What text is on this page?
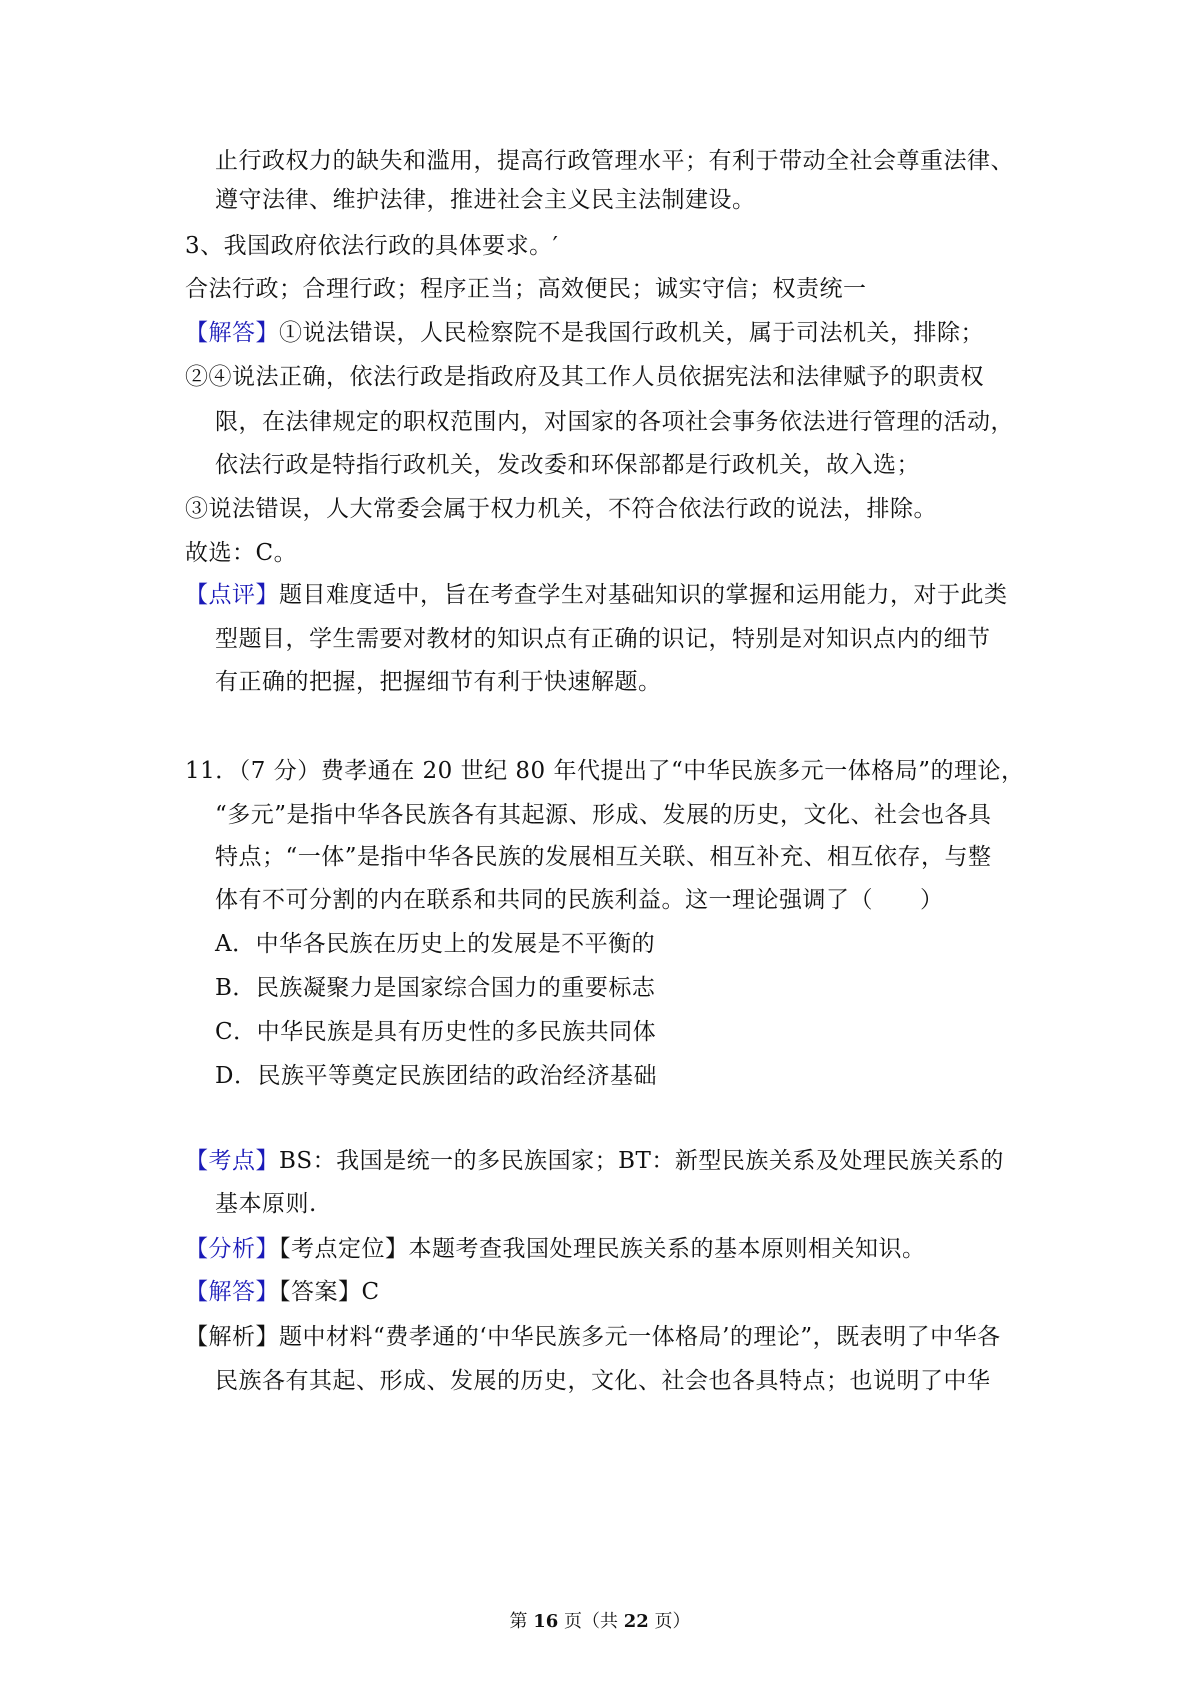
止行政权力的缺失和滥用，提高行政管理水平；有利于带动全社会尊重法律、
遵守法律、维护法律，推进社会主义民主法制建设。
3、我国政府依法行政的具体要求。′
合法行政；合理行政；程序正当；高效便民；诚实守信；权责统一
【解答】①说法错误，人民检察院不是我国行政机关，属于司法机关，排除；
②④说法正确，依法行政是指政府及其工作人员依据宪法和法律赋予的职责权
限，在法律规定的职权范围内，对国家的各项社会事务依法进行管理的活动，
依法行政是特指行政机关，发改委和环保部都是行政机关，故入选；
③说法错误，人大常委会属于权力机关，不符合依法行政的说法，排除。
故选：C。
【点评】题目难度适中，旨在考查学生对基础知识的掌握和运用能力，对于此类
型题目，学生需要对教材的知识点有正确的识记，特别是对知识点内的细节
有正确的把握，把握细节有利于快速解题。
11．（7 分）费孝通在 20 世纪 80 年代提出了“中华民族多元一体格局”的理论，
“多元”是指中华各民族各有其起源、形成、发展的历史，文化、社会也各具
特点；“一体”是指中华各民族的发展相互关联、相互补充、相互依存，与整
体有不可分割的内在联系和共同的民族利益。这一理论强调了（　　）
A．中华各民族在历史上的发展是不平衡的
B．民族凝聚力是国家综合国力的重要标志
C．中华民族是具有历史性的多民族共同体
D．民族平等奠定民族团结的政治经济基础
【考点】BS：我国是统一的多民族国家；BT：新型民族关系及处理民族关系的
基本原则.
【分析】【考点定位】本题考查我国处理民族关系的基本原则相关知识。
【解答】【答案】C
【解析】题中材料“费孝通的‘中华民族多元一体格局’的理论”，既表明了中华各
民族各有其起、形成、发展的历史，文化、社会也各具特点；也说明了中华
第 16 页（共 22 页）
